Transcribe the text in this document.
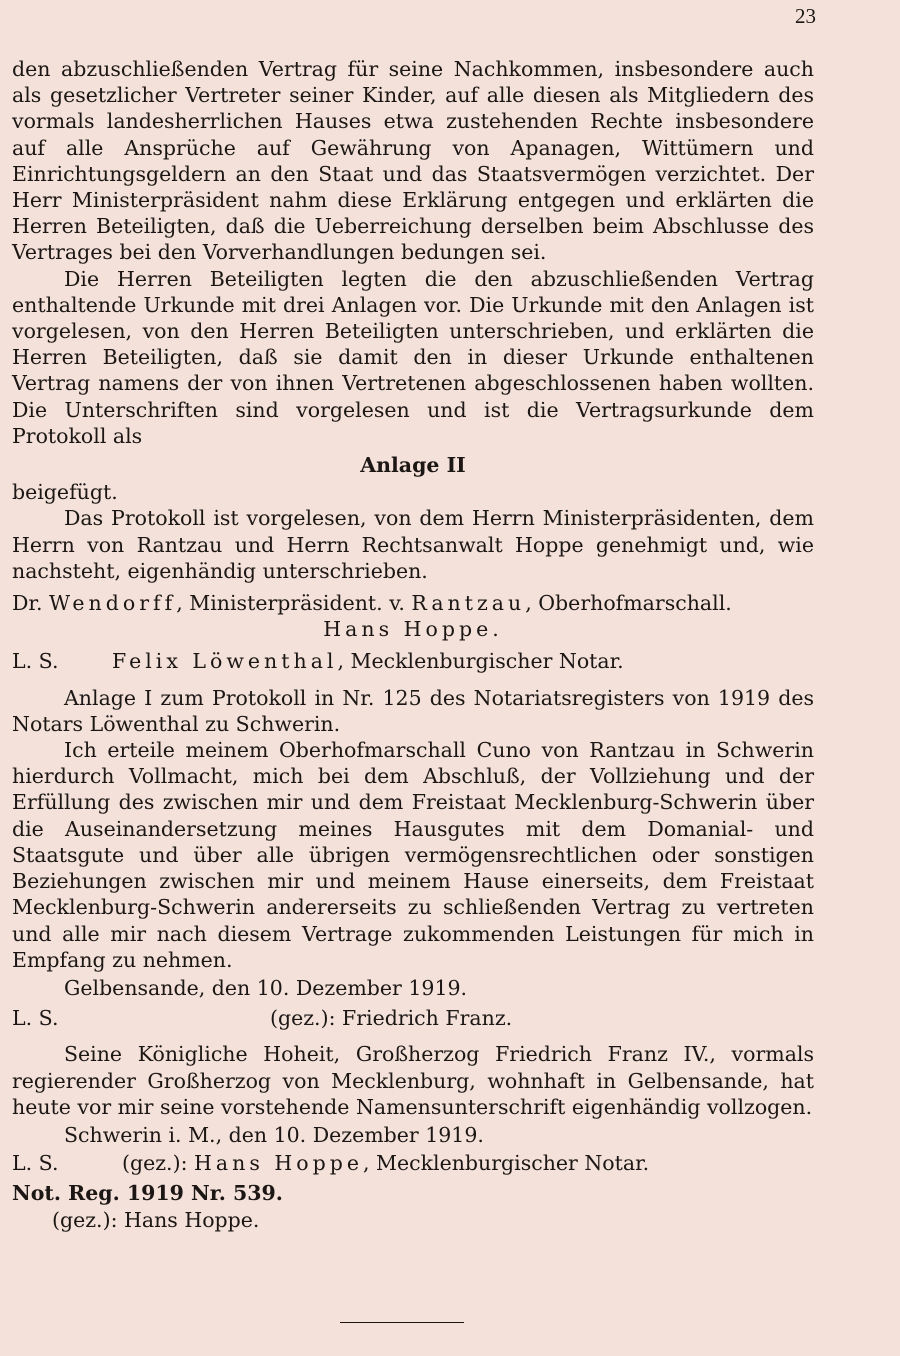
23

den abzuschließenden Vertrag für seine Nachkommen, insbesondere auch als gesetzlicher Vertreter seiner Kinder, auf alle diesen als Mitgliedern des vormals landesherrlichen Hauses etwa zustehenden Rechte insbesondere auf alle Ansprüche auf Gewährung von Apanagen, Wittümern und Einrichtungsgeldern an den Staat und das Staatsvermögen verzichtet. Der Herr Ministerpräsident nahm diese Erklärung entgegen und erklärten die Herren Beteiligten, daß die Ueberreichung derselben beim Abschlusse des Vertrages bei den Vorverhandlungen bedungen sei.

Die Herren Beteiligten legten die den abzuschließenden Vertrag enthaltende Urkunde mit drei Anlagen vor. Die Urkunde mit den Anlagen ist vorgelesen, von den Herren Beteiligten unterschrieben, und erklärten die Herren Beteiligten, daß sie damit den in dieser Urkunde enthaltenen Vertrag namens der von ihnen Vertretenen abgeschlossenen haben wollten. Die Unterschriften sind vorgelesen und ist die Vertragsurkunde dem Protokoll als

Anlage II

beigefügt.

Das Protokoll ist vorgelesen, von dem Herrn Ministerpräsidenten, dem Herrn von Rantzau und Herrn Rechtsanwalt Hoppe genehmigt und, wie nachsteht, eigenhändig unterschrieben.

Dr. Wendorff, Ministerpräsident. v. Rantzau, Oberhofmarschall.

Hans Hoppe.

L. S.	Felix Löwenthal, Mecklenburgischer Notar.

Anlage I zum Protokoll in Nr. 125 des Notariatsregisters von 1919 des Notars Löwenthal zu Schwerin.

Ich erteile meinem Oberhofmarschall Cuno von Rantzau in Schwerin hierdurch Vollmacht, mich bei dem Abschluß, der Vollziehung und der Erfüllung des zwischen mir und dem Freistaat Mecklenburg-Schwerin über die Auseinandersetzung meines Hausgutes mit dem Domanial- und Staatsgute und über alle übrigen vermögensrechtlichen oder sonstigen Beziehungen zwischen mir und meinem Hause einerseits, dem Freistaat Mecklenburg-Schwerin andererseits zu schließenden Vertrag zu vertreten und alle mir nach diesem Vertrage zukommenden Leistungen für mich in Empfang zu nehmen.

Gelbensande, den 10. Dezember 1919.

L. S.	(gez.): Friedrich Franz.

Seine Königliche Hoheit, Großherzog Friedrich Franz IV., vormals regierender Großherzog von Mecklenburg, wohnhaft in Gelbensande, hat heute vor mir seine vorstehende Namensunterschrift eigenhändig vollzogen.

Schwerin i. M., den 10. Dezember 1919.

L. S.	(gez.): Hans Hoppe, Mecklenburgischer Notar.

Not. Reg. 1919 Nr. 539.

(gez.): Hans Hoppe.
